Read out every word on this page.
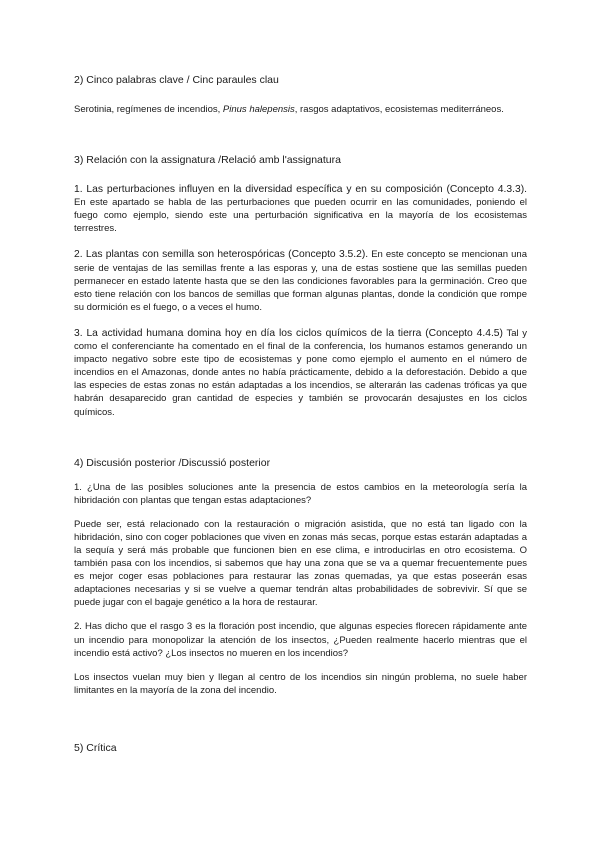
2) Cinco palabras clave / Cinc paraules clau

Serotinia, regímenes de incendios, Pinus halepensis, rasgos adaptativos, ecosistemas mediterráneos.

3) Relación con la assignatura /Relació amb l'assignatura

1. Las perturbaciones influyen en la diversidad específica y en su composición (Concepto 4.3.3). En este apartado se habla de las perturbaciones que pueden ocurrir en las comunidades, poniendo el fuego como ejemplo, siendo este una perturbación significativa en la mayoría de los ecosistemas terrestres.

2. Las plantas con semilla son heterospóricas (Concepto 3.5.2). En este concepto se mencionan una serie de ventajas de las semillas frente a las esporas y, una de estas sostiene que las semillas pueden permanecer en estado latente hasta que se den las condiciones favorables para la germinación. Creo que esto tiene relación con los bancos de semillas que forman algunas plantas, donde la condición que rompe su dormición es el fuego, o a veces el humo.

3. La actividad humana domina hoy en día los ciclos químicos de la tierra (Concepto 4.4.5) Tal y como el conferenciante ha comentado en el final de la conferencia, los humanos estamos generando un impacto negativo sobre este tipo de ecosistemas y pone como ejemplo el aumento en el número de incendios en el Amazonas, donde antes no había prácticamente, debido a la deforestación. Debido a que las especies de estas zonas no están adaptadas a los incendios, se alterarán las cadenas tróficas ya que habrán desaparecido gran cantidad de especies y también se provocarán desajustes en los ciclos químicos.

4) Discusión posterior /Discussió posterior

1. ¿Una de las posibles soluciones ante la presencia de estos cambios en la meteorología sería la hibridación con plantas que tengan estas adaptaciones?

Puede ser, está relacionado con la restauración o migración asistida, que no está tan ligado con la hibridación, sino con coger poblaciones que viven en zonas más secas, porque estas estarán adaptadas a la sequía y será más probable que funcionen bien en ese clima, e introducirlas en otro ecosistema. O también pasa con los incendios, si sabemos que hay una zona que se va a quemar frecuentemente pues es mejor coger esas poblaciones para restaurar las zonas quemadas, ya que estas poseerán esas adaptaciones necesarias y si se vuelve a quemar tendrán altas probabilidades de sobrevivir. Sí que se puede jugar con el bagaje genético a la hora de restaurar.

2. Has dicho que el rasgo 3 es la floración post incendio, que algunas especies florecen rápidamente ante un incendio para monopolizar la atención de los insectos, ¿Pueden realmente hacerlo mientras que el incendio está activo? ¿Los insectos no mueren en los incendios?

Los insectos vuelan muy bien y llegan al centro de los incendios sin ningún problema, no suele haber limitantes en la mayoría de la zona del incendio.

5) Crítica
